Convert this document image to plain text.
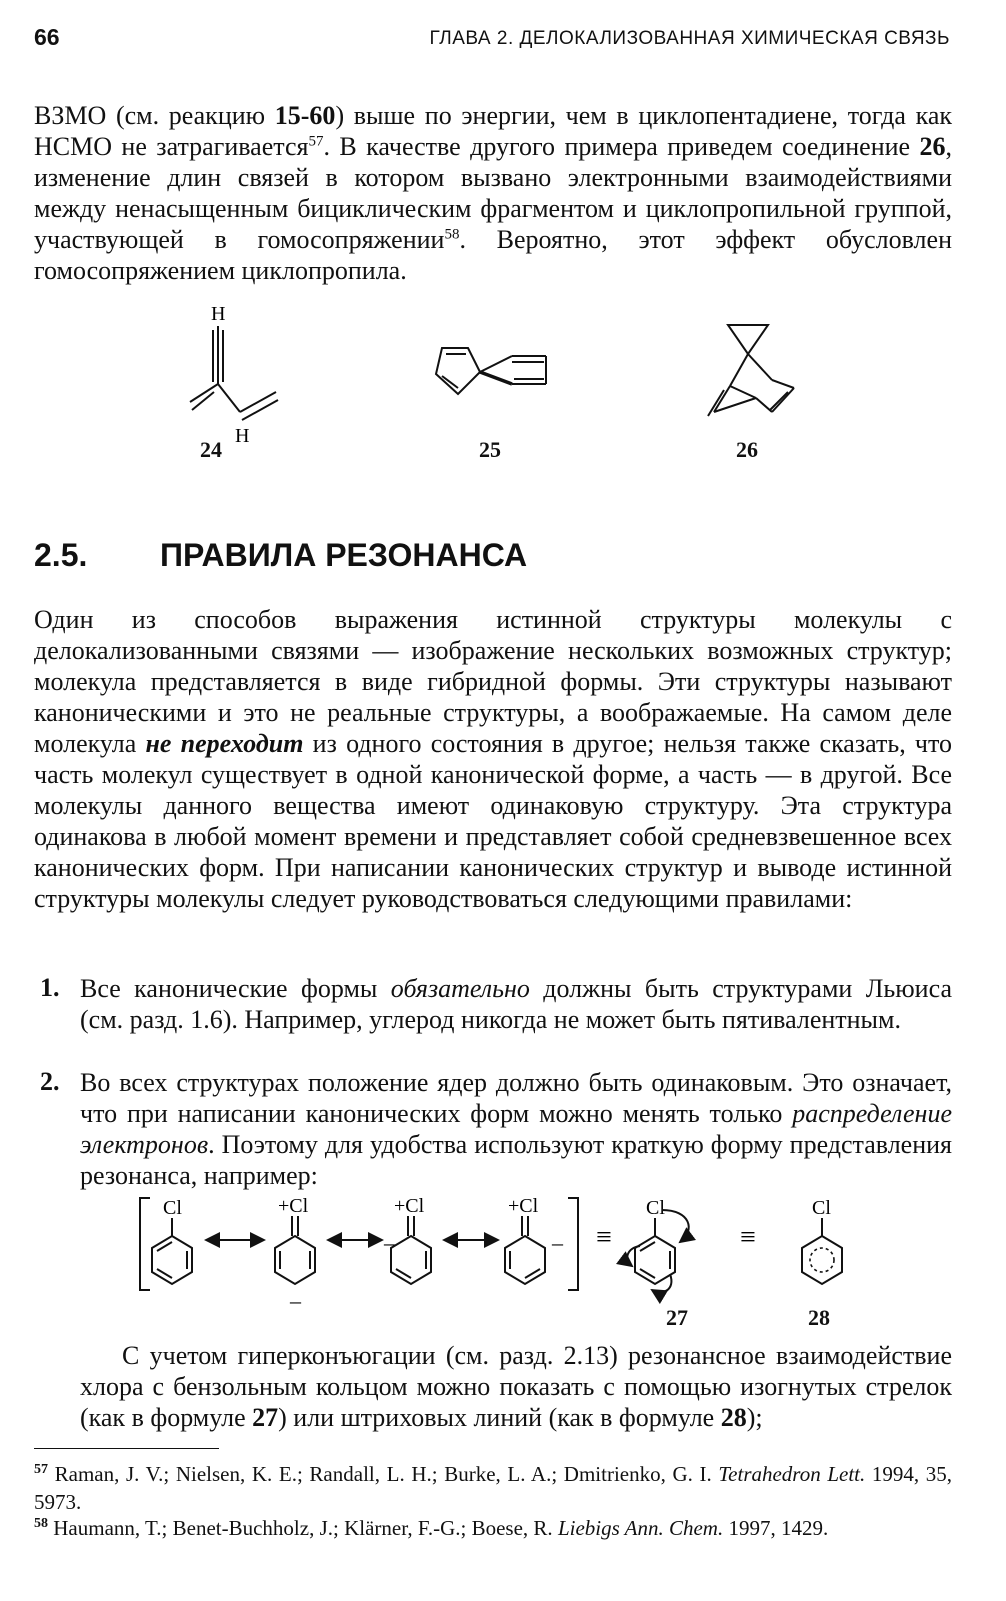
66	ГЛАВА 2. ДЕЛОКАЛИЗОВАННАЯ ХИМИЧЕСКАЯ СВЯЗЬ
ВЗМО (см. реакцию 15-60) выше по энергии, чем в циклопентадиене, тогда как НСМО не затрагивается$^{57}$. В качестве другого примера приведем соединение 26, изменение длин связей в котором вызвано электронными взаимодействиями между ненасыщенным бициклическим фрагментом и циклопропильной группой, участвующей в гомосопряжении$^{58}$. Вероятно, этот эффект обусловлен гомосопряжением циклопропила.
H
H
24	25	26
2.5. ПРАВИЛА РЕЗОНАНСА
Один из способов выражения истинной структуры молекулы с делокализованными связями — изображение нескольких возможных структур; молекула представляется в виде гибридной формы. Эти структуры называют каноническими и это не реальные структуры, а воображаемые. На самом деле молекула не переходит из одного состояния в другое; нельзя также сказать, что часть молекул существует в одной канонической форме, а часть — в другой. Все молекулы данного вещества имеют одинаковую структуру. Эта структура одинакова в любой момент времени и представляет собой средневзвешенное всех канонических форм. При написании канонических структур и выводе истинной структуры молекулы следует руководствоваться следующими правилами:
1. Все канонические формы обязательно должны быть структурами Льюиса (см. разд. 1.6). Например, углерод никогда не может быть пятивалентным.
2. Во всех структурах положение ядер должно быть одинаковым. Это означает, что при написании канонических форм можно менять только распределение электронов. Поэтому для удобства используют краткую форму представления резонанса, например:
Cl	+Cl
–
–
+Cl	+Cl
– ≡
Cl
≡
Cl
27	28
С учетом гиперконъюгации (см. разд. 2.13) резонансное взаимодействие хлора с бензольным кольцом можно показать с помощью изогнутых стрелок (как в формуле 27) или штриховых линий (как в формуле 28);
$^{57}$ Raman, J. V.; Nielsen, K. E.; Randall, L. H.; Burke, L. A.; Dmitrienko, G. I. Tetrahedron Lett. 1994, 35, 5973.
$^{58}$ Haumann, T.; Benet-Buchholz, J.; Klärner, F.-G.; Boese, R. Liebigs Ann. Chem. 1997, 1429.
